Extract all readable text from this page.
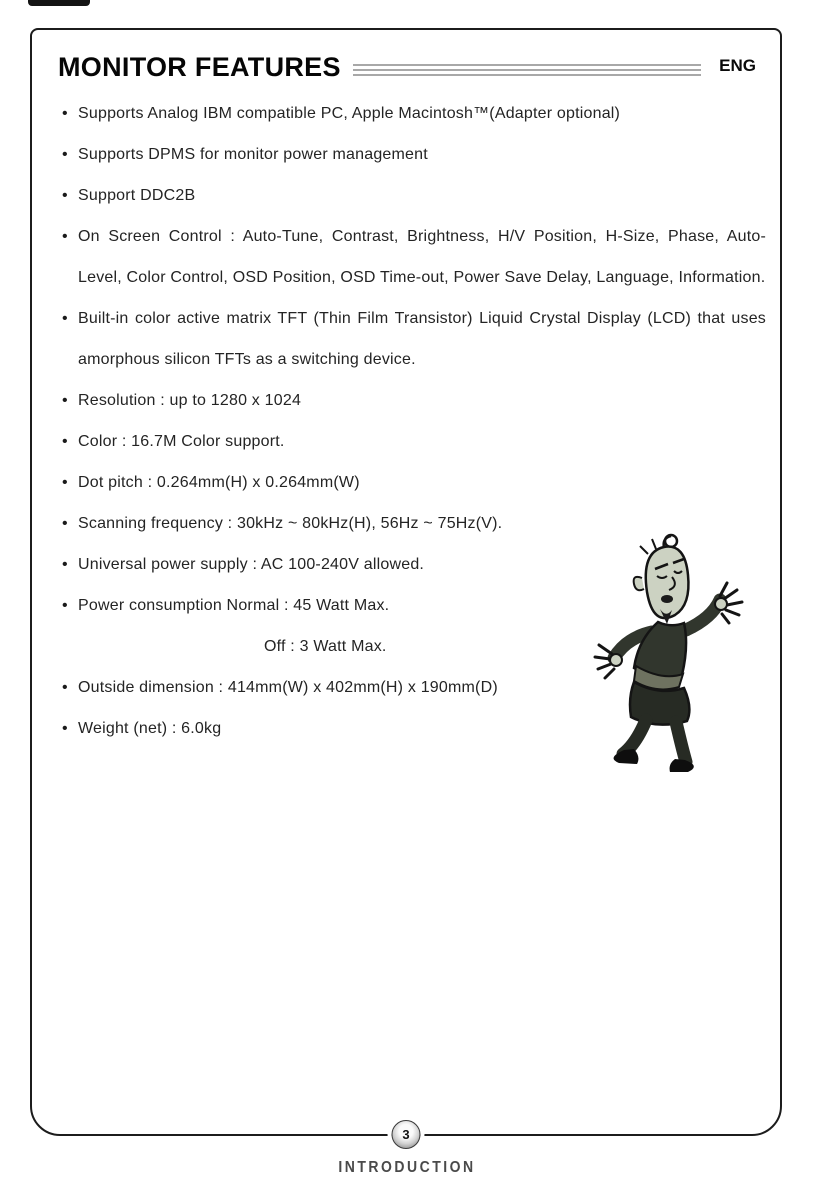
MONITOR FEATURES	ENG
• Supports Analog IBM compatible PC, Apple Macintosh™(Adapter optional)
• Supports DPMS for monitor power management
• Support DDC2B
• On Screen Control : Auto-Tune, Contrast, Brightness, H/V Position, H-Size, Phase, Auto-Level, Color Control, OSD Position, OSD Time-out, Power Save Delay, Language, Information.
• Built-in color active matrix TFT (Thin Film Transistor) Liquid Crystal Display (LCD) that uses amorphous silicon TFTs as a switching device.
• Resolution : up to 1280 x 1024
• Color : 16.7M Color support.
• Dot pitch : 0.264mm(H) x 0.264mm(W)
• Scanning frequency : 30kHz ~ 80kHz(H), 56Hz ~ 75Hz(V).
• Universal power supply : AC 100-240V allowed.
• Power consumption Normal : 45 Watt Max.
Off : 3 Watt Max.
• Outside dimension : 414mm(W) x 402mm(H) x 190mm(D)
• Weight (net) : 6.0kg
3
INTRODUCTION
